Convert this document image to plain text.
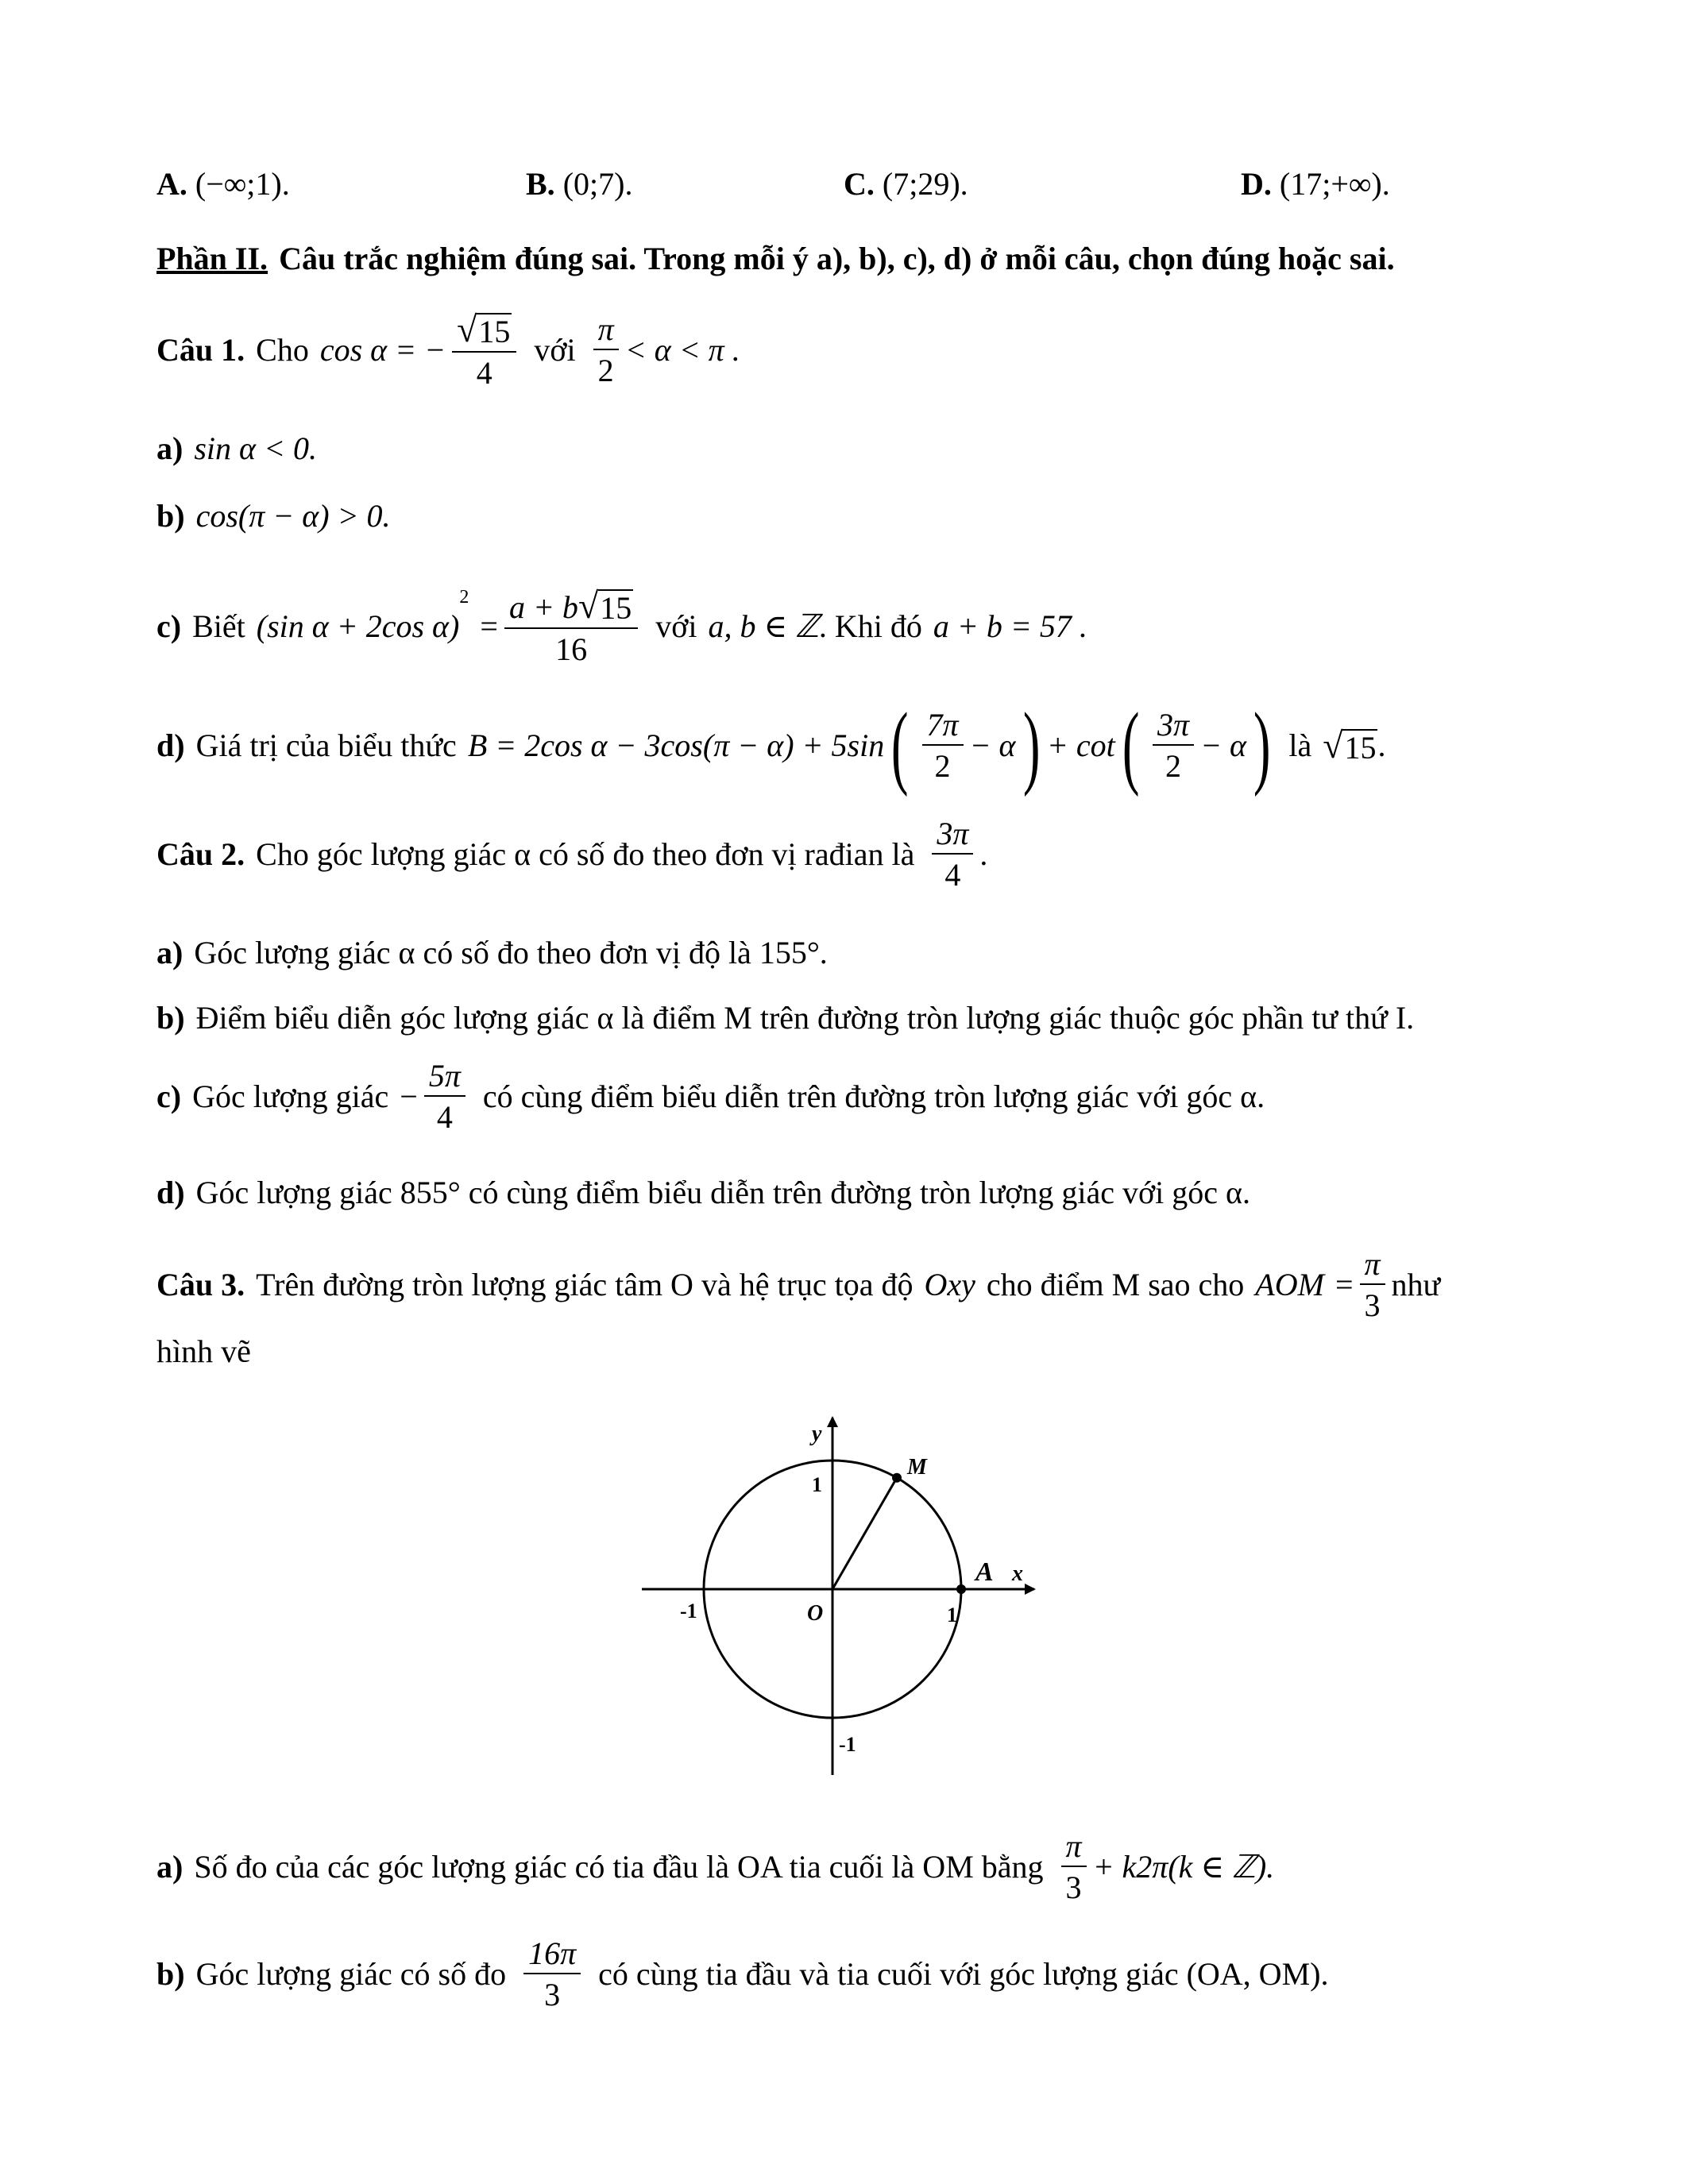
A. (−∞;1).	B. (0;7).	C. (7;29).	D. (17;+∞).
Phần II. Câu trắc nghiệm đúng sai. Trong mỗi ý a), b), c), d) ở mỗi câu, chọn đúng hoặc sai.
Câu 1. Cho cos α = − $\frac{√ 15}{4}$ với $\frac{\pi}{2} < \alpha < \pi$ .
a) sin α < 0.
b) cos(π − α) > 0.
c) Biết (sin α + 2cos α)
2
= $\frac{a + b √ 15}{16}$ với a, b ∈ ℤ . Khi đó a + b = 57 .
d) Giá trị của biểu thức B = 2cos α − 3cos(π − α) + 5sin ( $\frac{7\pi}{2} - \alpha$ ) + cot ( $\frac{3\pi}{2} - \alpha$ ) là √ 15 .
Câu 2. Cho góc lượng giác α có số đo theo đơn vị rađian là $\frac{3\pi}{4}$ .
a) Góc lượng giác α có số đo theo đơn vị độ là 155°.
b) Điểm biểu diễn góc lượng giác α là điểm M trên đường tròn lượng giác thuộc góc phần tư thứ I.
c) Góc lượng giác − $\frac{5\pi}{4}$ có cùng điểm biểu diễn trên đường tròn lượng giác với góc α.
d) Góc lượng giác 855° có cùng điểm biểu diễn trên đường tròn lượng giác với góc α.
Câu 3. Trên đường tròn lượng giác tâm O và hệ trục tọa độ Oxy cho điểm M sao cho AOM = $\frac{\pi}{3}$ như
hình vẽ
y
x
M
A
O
1
-1	1
-1
a) Số đo của các góc lượng giác có tia đầu là OA tia cuối là OM bằng $\frac{\pi}{3} + k2\pi(k$ ∈ ℤ).
b) Góc lượng giác có số đo $\frac{16\pi}{3}$ có cùng tia đầu và tia cuối với góc lượng giác (OA, OM).
